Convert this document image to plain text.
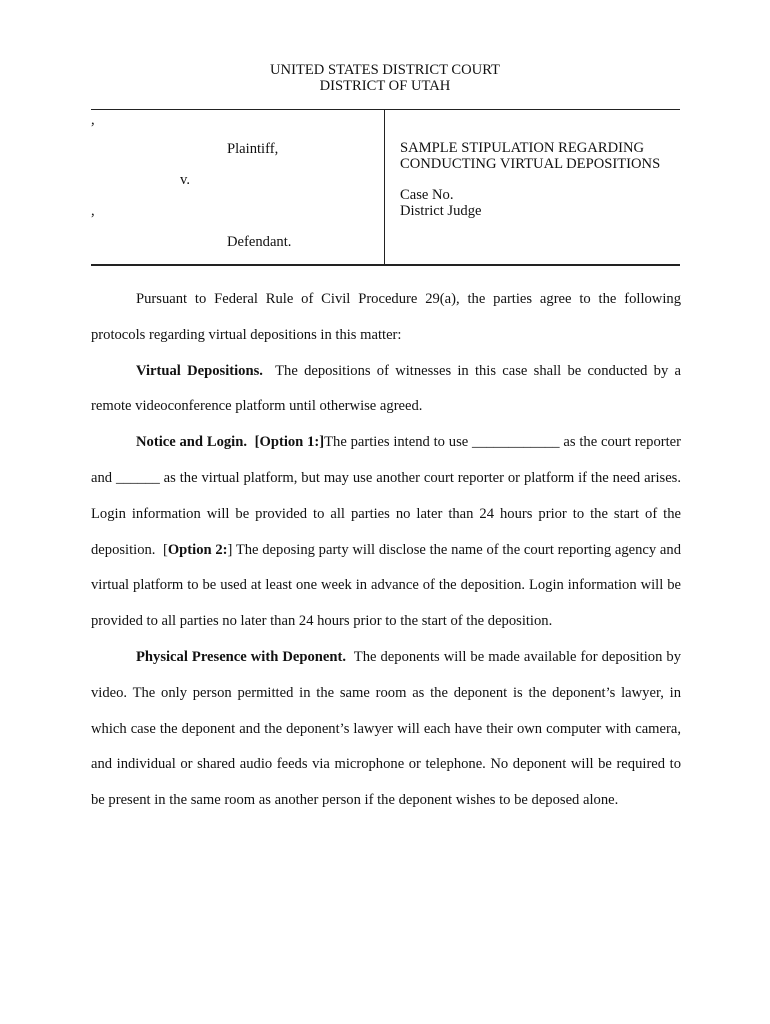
UNITED STATES DISTRICT COURT
DISTRICT OF UTAH
,
Plaintiff,
v.
,
Defendant.
SAMPLE STIPULATION REGARDING CONDUCTING VIRTUAL DEPOSITIONS
Case No.
District Judge

Pursuant to Federal Rule of Civil Procedure 29(a), the parties agree to the following protocols regarding virtual depositions in this matter:

Virtual Depositions. The depositions of witnesses in this case shall be conducted by a remote videoconference platform until otherwise agreed.

Notice and Login. [Option 1:]The parties intend to use ____________ as the court reporter and ______ as the virtual platform, but may use another court reporter or platform if the need arises. Login information will be provided to all parties no later than 24 hours prior to the start of the deposition. [Option 2:] The deposing party will disclose the name of the court reporting agency and virtual platform to be used at least one week in advance of the deposition. Login information will be provided to all parties no later than 24 hours prior to the start of the deposition.

Physical Presence with Deponent. The deponents will be made available for deposition by video. The only person permitted in the same room as the deponent is the deponent’s lawyer, in which case the deponent and the deponent’s lawyer will each have their own computer with camera, and individual or shared audio feeds via microphone or telephone. No deponent will be required to be present in the same room as another person if the deponent wishes to be deposed alone.
